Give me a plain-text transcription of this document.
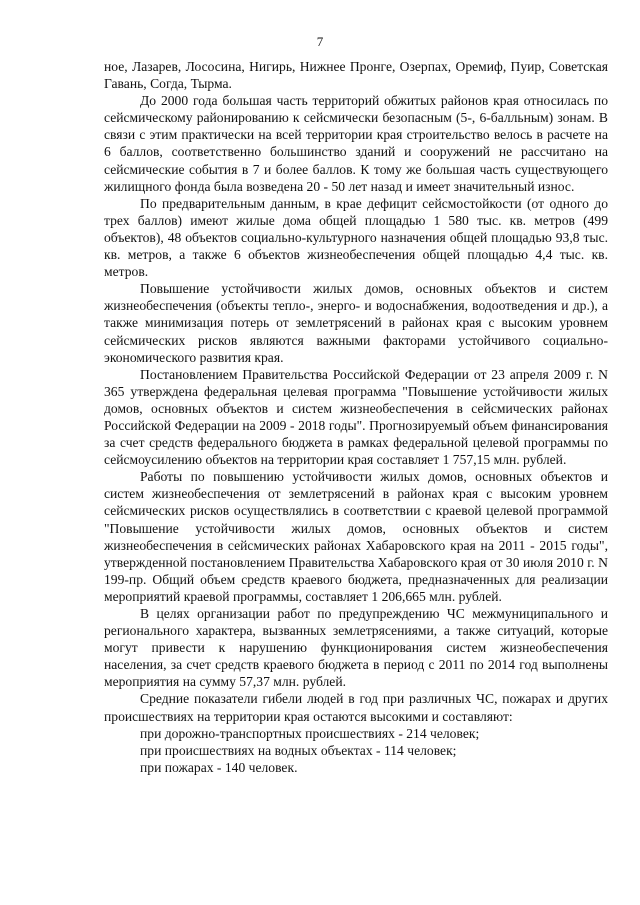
7

ное, Лазарев, Лососина, Нигирь, Нижнее Пронге, Озерпах, Оремиф, Пуир, Советская Гавань, Согда, Тырма.

До 2000 года большая часть территорий обжитых районов края относилась по сейсмическому районированию к сейсмически безопасным (5-, 6-балльным) зонам. В связи с этим практически на всей территории края строительство велось в расчете на 6 баллов, соответственно большинство зданий и сооружений не рассчитано на сейсмические события в 7 и более баллов. К тому же большая часть существующего жилищного фонда была возведена 20 - 50 лет назад и имеет значительный износ.

По предварительным данным, в крае дефицит сейсмостойкости (от одного до трех баллов) имеют жилые дома общей площадью 1 580 тыс. кв. метров (499 объектов), 48 объектов социально-культурного назначения общей площадью 93,8 тыс. кв. метров, а также 6 объектов жизнеобеспечения общей площадью 4,4 тыс. кв. метров.

Повышение устойчивости жилых домов, основных объектов и систем жизнеобеспечения (объекты тепло-, энерго- и водоснабжения, водоотведения и др.), а также минимизация потерь от землетрясений в районах края с высоким уровнем сейсмических рисков являются важными факторами устойчивого социально-экономического развития края.

Постановлением Правительства Российской Федерации от 23 апреля 2009 г. N 365 утверждена федеральная целевая программа "Повышение устойчивости жилых домов, основных объектов и систем жизнеобеспечения в сейсмических районах Российской Федерации на 2009 - 2018 годы". Прогнозируемый объем финансирования за счет средств федерального бюджета в рамках федеральной целевой программы по сейсмоусилению объектов на территории края составляет 1 757,15 млн. рублей.

Работы по повышению устойчивости жилых домов, основных объектов и систем жизнеобеспечения от землетрясений в районах края с высоким уровнем сейсмических рисков осуществлялись в соответствии с краевой целевой программой "Повышение устойчивости жилых домов, основных объектов и систем жизнеобеспечения в сейсмических районах Хабаровского края на 2011 - 2015 годы", утвержденной постановлением Правительства Хабаровского края от 30 июля 2010 г. N 199-пр. Общий объем средств краевого бюджета, предназначенных для реализации мероприятий краевой программы, составляет 1 206,665 млн. рублей.

В целях организации работ по предупреждению ЧС межмуниципального и регионального характера, вызванных землетрясениями, а также ситуаций, которые могут привести к нарушению функционирования систем жизнеобеспечения населения, за счет средств краевого бюджета в период с 2011 по 2014 год выполнены мероприятия на сумму 57,37 млн. рублей.

Средние показатели гибели людей в год при различных ЧС, пожарах и других происшествиях на территории края остаются высокими и составляют:

при дорожно-транспортных происшествиях - 214 человек;

при происшествиях на водных объектах - 114 человек;

при пожарах - 140 человек.
